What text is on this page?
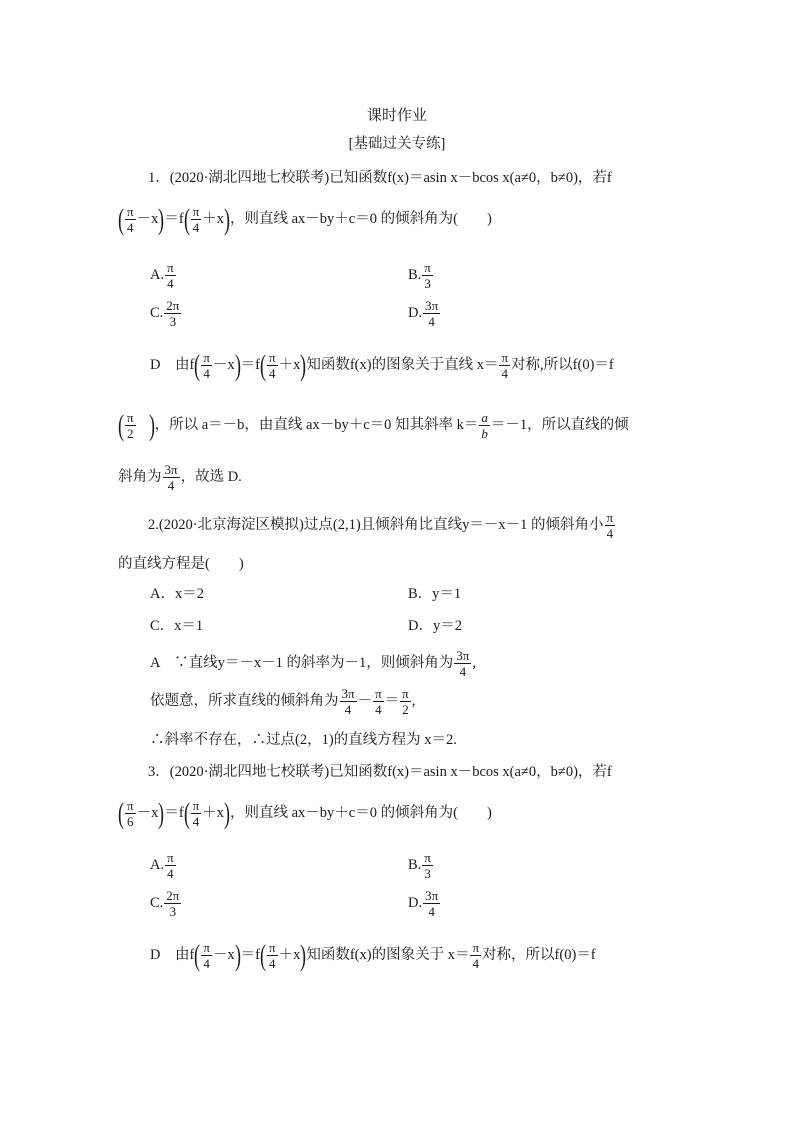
课时作业
[基础过关专练]
1．(2020·湖北四地七校联考)已知函数f(x)＝asin x－bcos x(a≠0，b≠0)，若f
( $\frac{\pi}{4} -x)=f( \frac{\pi}{4} +x)$，则直线 ax－by＋c＝0 的倾斜角为(　　)
A. $\frac{\pi}{4}$	B. $\frac{\pi}{3}$
C. $\frac{2\pi}{3}$	D. $\frac{3\pi}{4}$
D　由$f( \frac{\pi}{4} -x)=f( \frac{\pi}{4} +x)$知函数f(x)的图象关于直线 $x= \frac{\pi}{4}$ 对称,所以f(0)＝f
( $\frac{\pi}{2}$ )，所以 a＝－b，由直线 ax－by＋c＝0 知其斜率 $k= \frac{a}{b} =-1$，所以直线的倾
斜角为 $\frac{3\pi}{4}$ ，故选 D.
2.(2020·北京海淀区模拟)过点(2,1)且倾斜角比直线y＝－x－1 的倾斜角小 $\frac{\pi}{4}$
的直线方程是(　　)
A．x＝2	B．y＝1
C．x＝1	D．y＝2
A　∵直线y＝－x－1 的斜率为－1，则倾斜角为 $\frac{3\pi}{4}$ ,
依题意，所求直线的倾斜角为 $\frac{3\pi}{4} - \frac{\pi}{4} = \frac{\pi}{2}$ ,
∴斜率不存在，∴过点(2，1)的直线方程为 x＝2.
3．(2020·湖北四地七校联考)已知函数f(x)＝asin x－bcos x(a≠0，b≠0)，若f
( $\frac{\pi}{6} -x)=f( \frac{\pi}{4} +x)$，则直线 ax－by＋c＝0 的倾斜角为(　　)
A. $\frac{\pi}{4}$	B. $\frac{\pi}{3}$
C. $\frac{2\pi}{3}$	D. $\frac{3\pi}{4}$
D　由$f( \frac{\pi}{4} -x)=f( \frac{\pi}{4} +x)$知函数f(x)的图象关于 $x= \frac{\pi}{4}$ 对称，所以f(0)＝f
